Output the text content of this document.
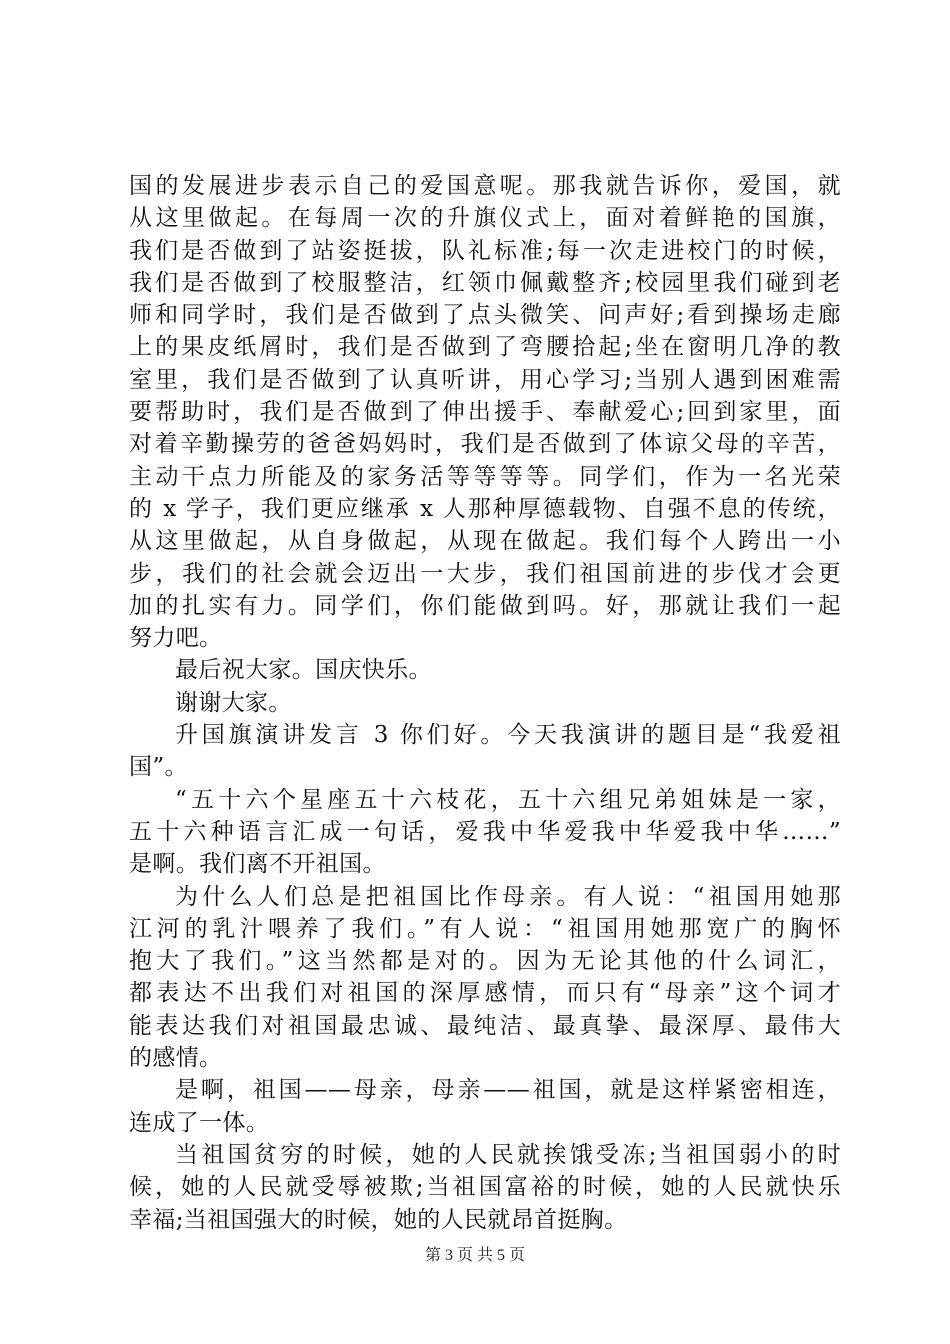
国的发展进步表示自己的爱国意呢。那我就告诉你，爱国，就
从这里做起。在每周一次的升旗仪式上，面对着鲜艳的国旗，
我们是否做到了站姿挺拔，队礼标准;每一次走进校门的时候，
我们是否做到了校服整洁，红领巾佩戴整齐;校园里我们碰到老
师和同学时，我们是否做到了点头微笑、问声好;看到操场走廊
上的果皮纸屑时，我们是否做到了弯腰拾起;坐在窗明几净的教
室里，我们是否做到了认真听讲，用心学习;当别人遇到困难需
要帮助时，我们是否做到了伸出援手、奉献爱心;回到家里，面
对着辛勤操劳的爸爸妈妈时，我们是否做到了体谅父母的辛苦，
主动干点力所能及的家务活等等等等。同学们，作为一名光荣
的 x 学子，我们更应继承 x 人那种厚德载物、自强不息的传统，
从这里做起，从自身做起，从现在做起。我们每个人跨出一小
步，我们的社会就会迈出一大步，我们祖国前进的步伐才会更
加的扎实有力。同学们，你们能做到吗。好，那就让我们一起
努力吧。
最后祝大家。国庆快乐。
谢谢大家。
升国旗演讲发言 3 你们好。今天我演讲的题目是“我爱祖
国”。
“五十六个星座五十六枝花，五十六组兄弟姐妹是一家，
五十六种语言汇成一句话，爱我中华爱我中华爱我中华……”
是啊。我们离不开祖国。
为什么人们总是把祖国比作母亲。有人说：“祖国用她那
江河的乳汁喂养了我们。”有人说：“祖国用她那宽广的胸怀
抱大了我们。”这当然都是对的。因为无论其他的什么词汇，
都表达不出我们对祖国的深厚感情，而只有“母亲”这个词才
能表达我们对祖国最忠诚、最纯洁、最真挚、最深厚、最伟大
的感情。
是啊，祖国——母亲，母亲——祖国，就是这样紧密相连，
连成了一体。
当祖国贫穷的时候，她的人民就挨饿受冻;当祖国弱小的时
候，她的人民就受辱被欺;当祖国富裕的时候，她的人民就快乐
幸福;当祖国强大的时候，她的人民就昂首挺胸。
第 3 页 共 5 页
